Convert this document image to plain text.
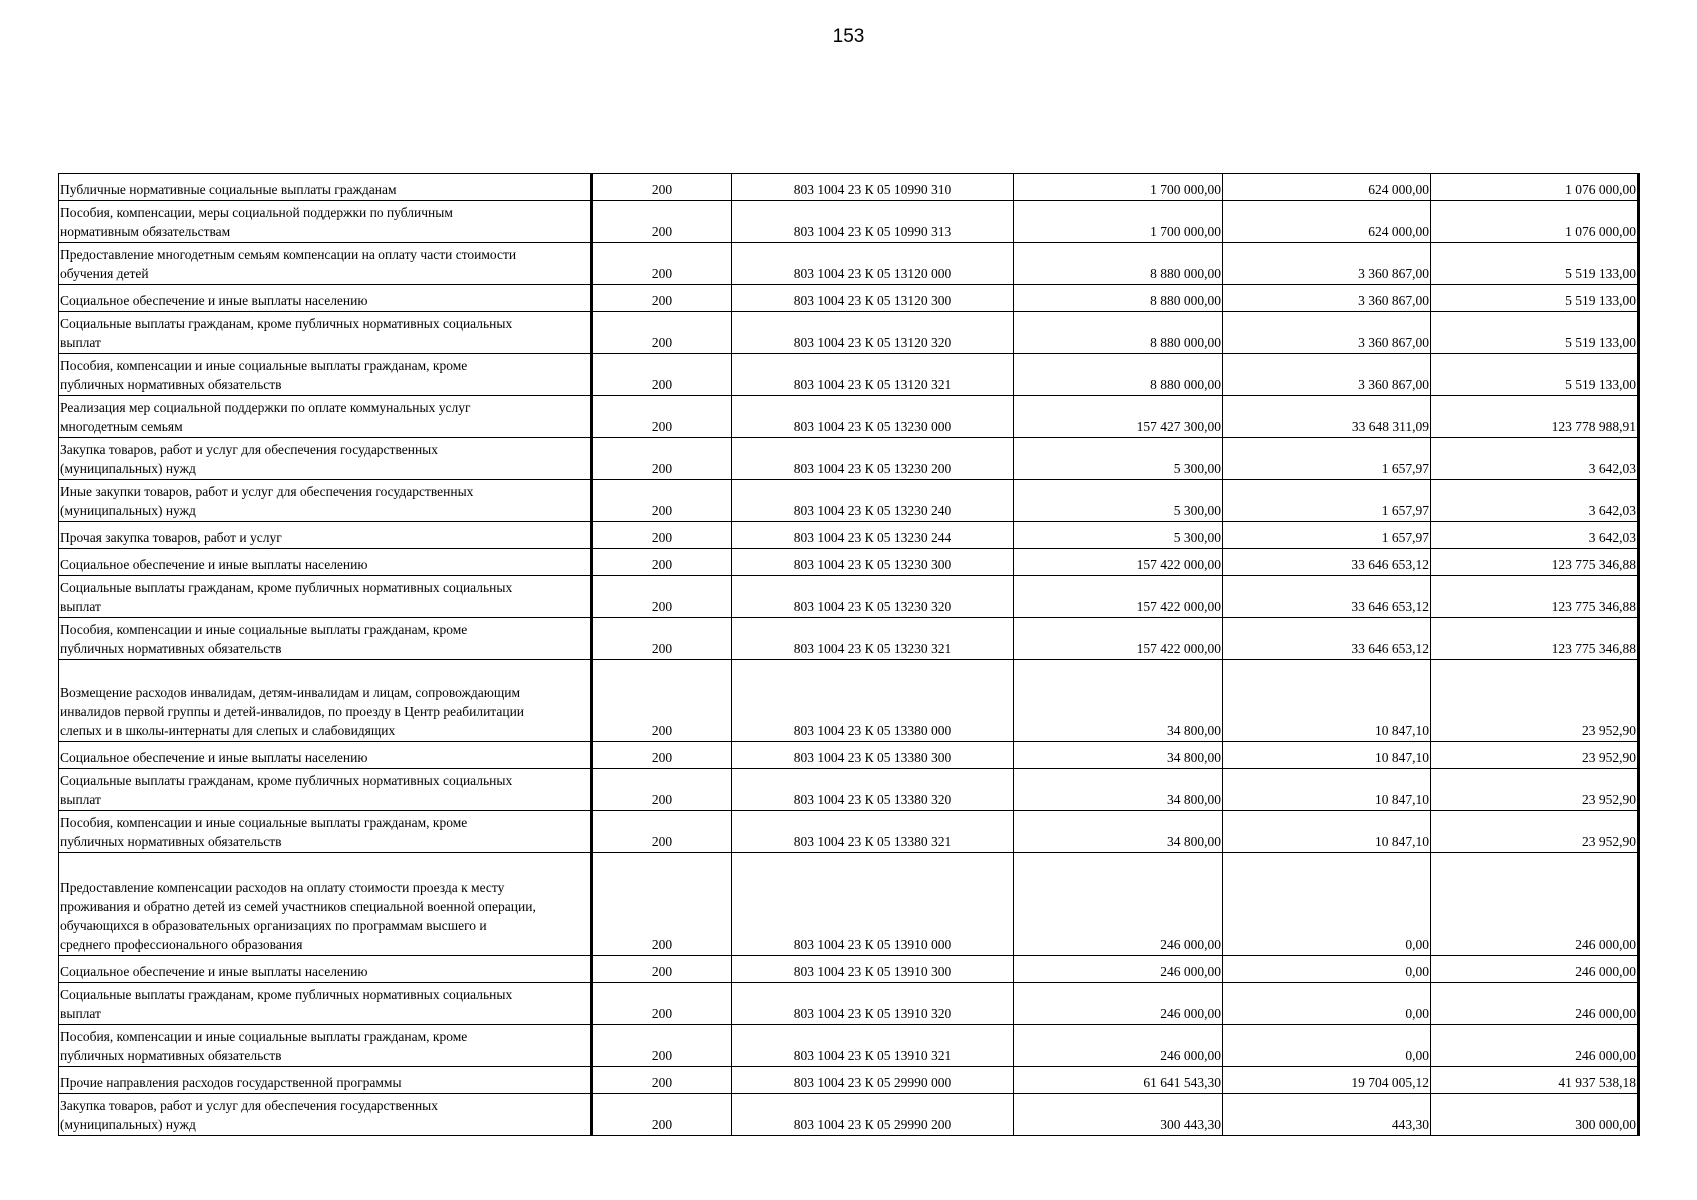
153
Публичные нормативные социальные выплаты гражданам	200	803 1004 23 К 05 10990 310	1 700 000,00	624 000,00	1 076 000,00
Пособия, компенсации, меры социальной поддержки по публичным
нормативным обязательствам	200	803 1004 23 К 05 10990 313	1 700 000,00	624 000,00	1 076 000,00
Предоставление многодетным семьям компенсации на оплату части стоимости
обучения детей	200	803 1004 23 К 05 13120 000	8 880 000,00	3 360 867,00	5 519 133,00
Социальное обеспечение и иные выплаты населению	200	803 1004 23 К 05 13120 300	8 880 000,00	3 360 867,00	5 519 133,00
Социальные выплаты гражданам, кроме публичных нормативных социальных
выплат	200	803 1004 23 К 05 13120 320	8 880 000,00	3 360 867,00	5 519 133,00
Пособия, компенсации и иные социальные выплаты гражданам, кроме
публичных нормативных обязательств	200	803 1004 23 К 05 13120 321	8 880 000,00	3 360 867,00	5 519 133,00
Реализация мер социальной поддержки по оплате коммунальных услуг
многодетным семьям	200	803 1004 23 К 05 13230 000	157 427 300,00	33 648 311,09	123 778 988,91
Закупка товаров, работ и услуг для обеспечения государственных
(муниципальных) нужд	200	803 1004 23 К 05 13230 200	5 300,00	1 657,97	3 642,03
Иные закупки товаров, работ и услуг для обеспечения государственных
(муниципальных) нужд	200	803 1004 23 К 05 13230 240	5 300,00	1 657,97	3 642,03
Прочая закупка товаров, работ и услуг	200	803 1004 23 К 05 13230 244	5 300,00	1 657,97	3 642,03
Социальное обеспечение и иные выплаты населению	200	803 1004 23 К 05 13230 300	157 422 000,00	33 646 653,12	123 775 346,88
Социальные выплаты гражданам, кроме публичных нормативных социальных
выплат	200	803 1004 23 К 05 13230 320	157 422 000,00	33 646 653,12	123 775 346,88
Пособия, компенсации и иные социальные выплаты гражданам, кроме
публичных нормативных обязательств	200	803 1004 23 К 05 13230 321	157 422 000,00	33 646 653,12	123 775 346,88
Возмещение расходов инвалидам, детям-инвалидам и лицам, сопровождающим
инвалидов первой группы и детей-инвалидов, по проезду в Центр реабилитации
слепых и в школы-интернаты для слепых и слабовидящих	200	803 1004 23 К 05 13380 000	34 800,00	10 847,10	23 952,90
Социальное обеспечение и иные выплаты населению	200	803 1004 23 К 05 13380 300	34 800,00	10 847,10	23 952,90
Социальные выплаты гражданам, кроме публичных нормативных социальных
выплат	200	803 1004 23 К 05 13380 320	34 800,00	10 847,10	23 952,90
Пособия, компенсации и иные социальные выплаты гражданам, кроме
публичных нормативных обязательств	200	803 1004 23 К 05 13380 321	34 800,00	10 847,10	23 952,90
Предоставление компенсации расходов на оплату стоимости проезда к месту
проживания и обратно детей из семей участников специальной военной операции,
обучающихся в образовательных организациях по программам высшего и
среднего профессионального образования	200	803 1004 23 К 05 13910 000	246 000,00	0,00	246 000,00
Социальное обеспечение и иные выплаты населению	200	803 1004 23 К 05 13910 300	246 000,00	0,00	246 000,00
Социальные выплаты гражданам, кроме публичных нормативных социальных
выплат	200	803 1004 23 К 05 13910 320	246 000,00	0,00	246 000,00
Пособия, компенсации и иные социальные выплаты гражданам, кроме
публичных нормативных обязательств	200	803 1004 23 К 05 13910 321	246 000,00	0,00	246 000,00
Прочие направления расходов государственной программы	200	803 1004 23 К 05 29990 000	61 641 543,30	19 704 005,12	41 937 538,18
Закупка товаров, работ и услуг для обеспечения государственных
(муниципальных) нужд	200	803 1004 23 К 05 29990 200	300 443,30	443,30	300 000,00
